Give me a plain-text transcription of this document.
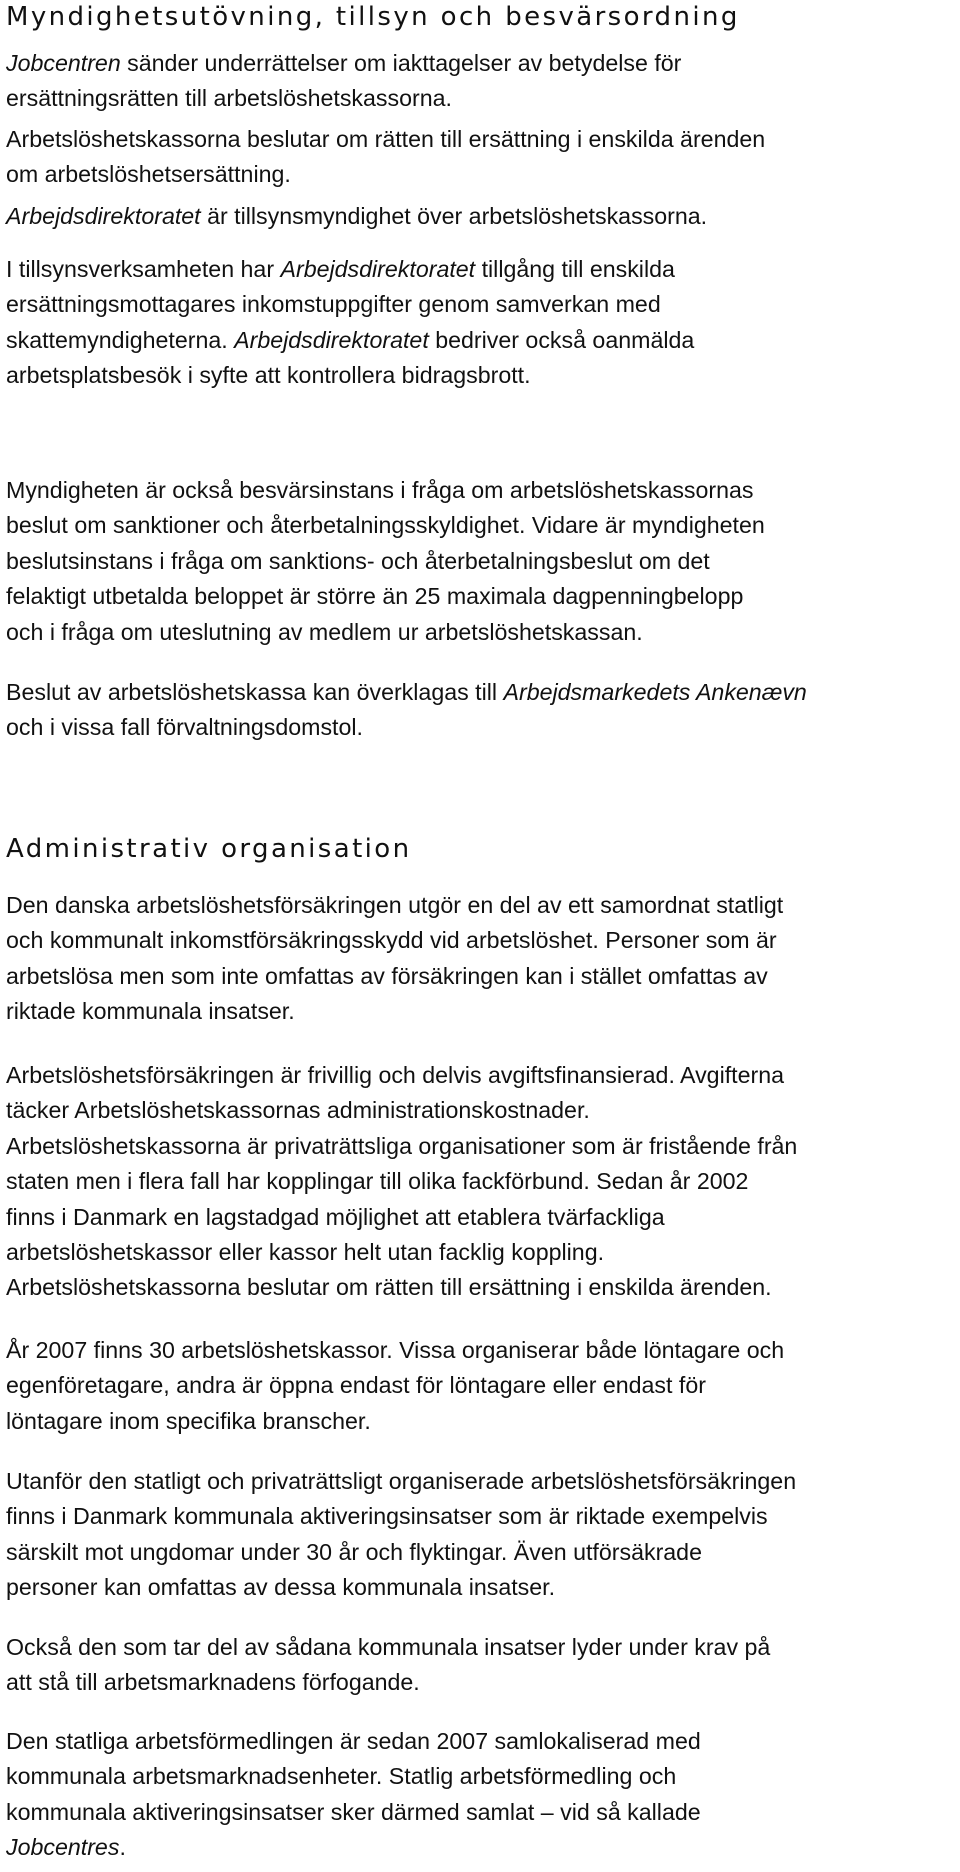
Myndighetsutövning, tillsyn och besvärsordning

Jobcentren sänder underrättelser om iakttagelser av betydelse för
ersättningsrätten till arbetslöshetskassorna.

Arbetslöshetskassorna beslutar om rätten till ersättning i enskilda ärenden
om arbetslöshetsersättning.

Arbejdsdirektoratet är tillsynsmyndighet över arbetslöshetskassorna.

I tillsynsverksamheten har Arbejdsdirektoratet tillgång till enskilda
ersättningsmottagares inkomstuppgifter genom samverkan med
skattemyndigheterna. Arbejdsdirektoratet bedriver också oanmälda
arbetsplatsbesök i syfte att kontrollera bidragsbrott.

Myndigheten är också besvärsinstans i fråga om arbetslöshetskassornas
beslut om sanktioner och återbetalningsskyldighet. Vidare är myndigheten
beslutsinstans i fråga om sanktions- och återbetalningsbeslut om det
felaktigt utbetalda beloppet är större än 25 maximala dagpenningbelopp
och i fråga om uteslutning av medlem ur arbetslöshetskassan.

Beslut av arbetslöshetskassa kan överklagas till Arbejdsmarkedets Ankenævn
och i vissa fall förvaltningsdomstol.

Administrativ organisation

Den danska arbetslöshetsförsäkringen utgör en del av ett samordnat statligt
och kommunalt inkomstförsäkringsskydd vid arbetslöshet. Personer som är
arbetslösa men som inte omfattas av försäkringen kan i stället omfattas av
riktade kommunala insatser.

Arbetslöshetsförsäkringen är frivillig och delvis avgiftsfinansierad. Avgifterna
täcker Arbetslöshetskassornas administrationskostnader.
Arbetslöshetskassorna är privaträttsliga organisationer som är fristående från
staten men i flera fall har kopplingar till olika fackförbund. Sedan år 2002
finns i Danmark en lagstadgad möjlighet att etablera tvärfackliga
arbetslöshetskassor eller kassor helt utan facklig koppling.
Arbetslöshetskassorna beslutar om rätten till ersättning i enskilda ärenden.

År 2007 finns 30 arbetslöshetskassor. Vissa organiserar både löntagare och
egenföretagare, andra är öppna endast för löntagare eller endast för
löntagare inom specifika branscher.

Utanför den statligt och privaträttsligt organiserade arbetslöshetsförsäkringen
finns i Danmark kommunala aktiveringsinsatser som är riktade exempelvis
särskilt mot ungdomar under 30 år och flyktingar. Även utförsäkrade
personer kan omfattas av dessa kommunala insatser.

Också den som tar del av sådana kommunala insatser lyder under krav på
att stå till arbetsmarknadens förfogande.

Den statliga arbetsförmedlingen är sedan 2007 samlokaliserad med
kommunala arbetsmarknadsenheter. Statlig arbetsförmedling och
kommunala aktiveringsinsatser sker därmed samlat – vid så kallade
Jobcentres.
